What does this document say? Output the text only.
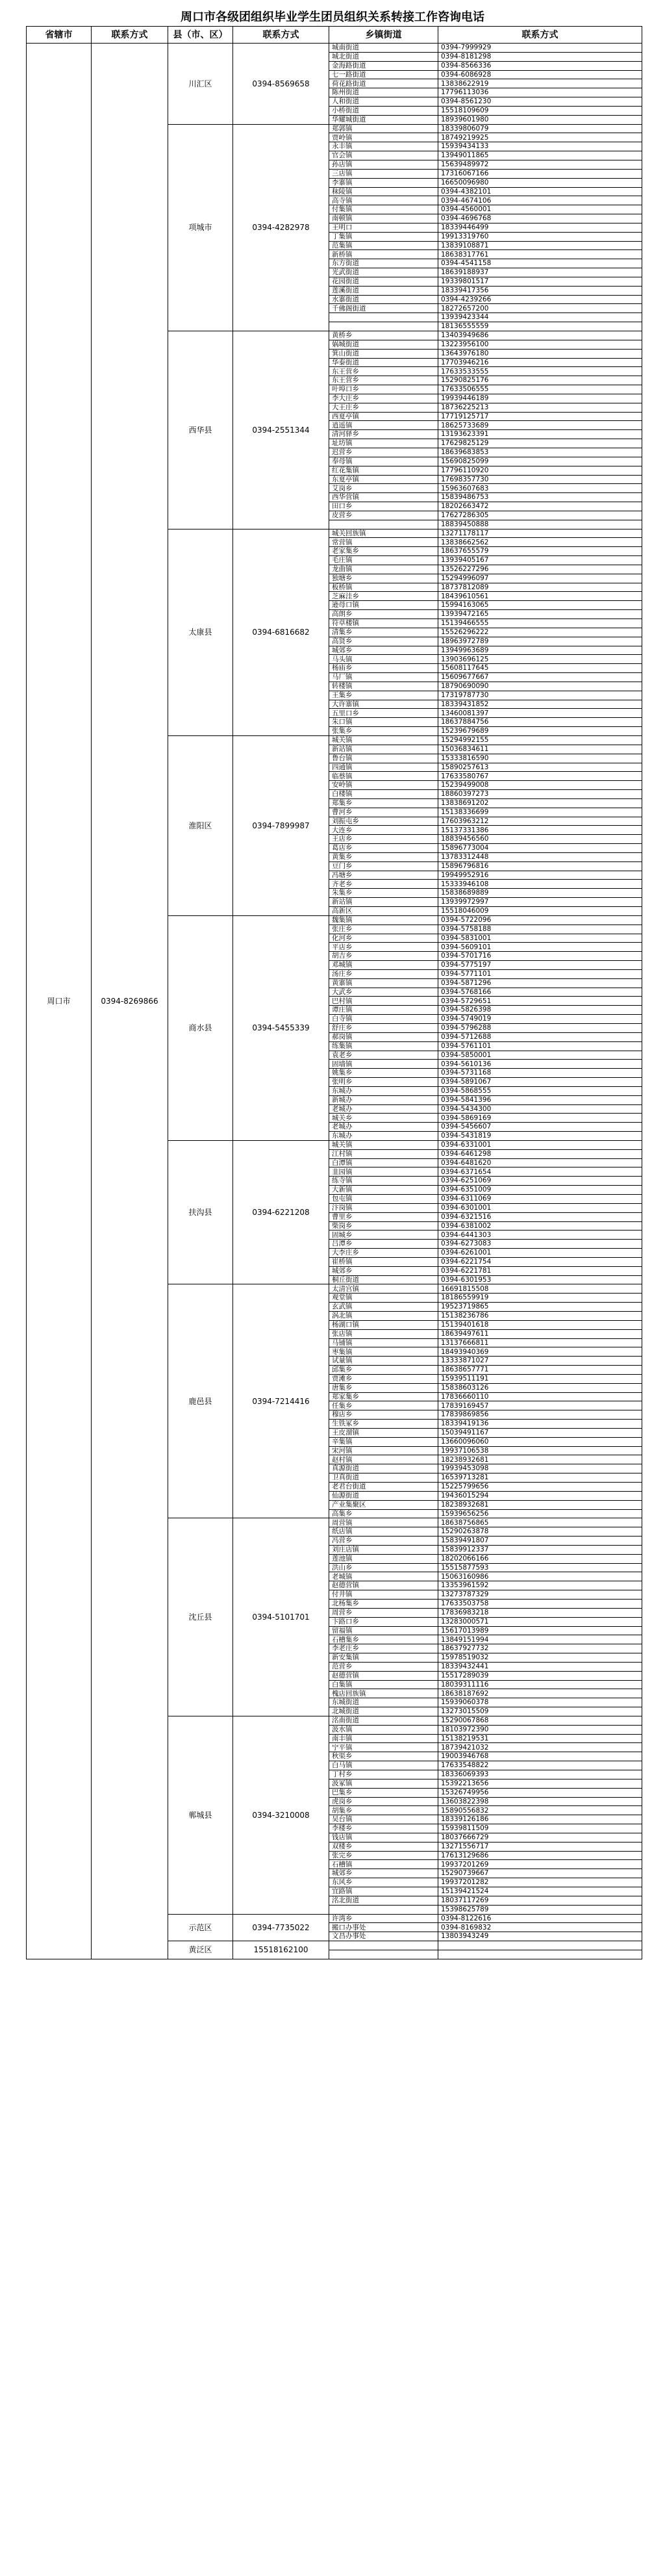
周口市各级团组织毕业学生团员组织关系转接工作咨询电话
省辖市	联系方式	县（市、区）	联系方式	乡镇街道	联系方式
周口市	0394-8269866	川汇区	0394-8569658	城南街道	0394-7999929
				城北街道	0394-8181298
				金海路街道	0394-8566336
				七一路街道	0394-6086928
				荷花路街道	13838622919
				陈州街道	17796113036
				人和街道	0394-8561230
				小桥街道	15518109609
				华耀城街道	18939601980
		项城市	0394-4282978	郑郭镇	18339806079
				贾岭镇	18749219925
				永丰镇	15939434133
				官会镇	13949011865
				孙店镇	15639489972
				三店镇	17316067166
				李寨镇	16650096980
				秣陵镇	0394-4382101
				高寺镇	0394-4674106
				付集镇	0394-4560001
				南顿镇	0394-4696768
				王明口	18339446499
				丁集镇	19913319760
				范集镇	13839108871
				新桥镇	18638317761
				东方街道	0394-4541158
				光武街道	18639188937
				花园街道	19339801517
				莲溪街道	18339417356
				水寨街道	0394-4239266
				千佛阁街道	18272657200
					13939423344
					18136555559
		西华县	0394-2551344	黄桥乡	13403949686
				娲城街道	13223956100
				箕山街道	13643976180
				华泰街道	17703946216
				东王营乡	17633533555
				东王营乡	15290825176
				叶埠口乡	17633506555
				李大庄乡	19939446189
				大王庄乡	18736225213
				西夏亭镇	17719125717
				逍遥镇	18625733689
				清河驿乡	13193623391
				址坊镇	17629825129
				迟营乡	18639683853
				奉母镇	15690825099
				红花集镇	17796110920
				东夏亭镇	17698357730
				艾岗乡	15963607683
				西华营镇	15839486753
				田口乡	18202663472
				皮营乡	17627286305
					18839450888
		太康县	0394-6816682	城关回族镇	13271178117
				常营镇	13838662562
				老家集乡	18637655579
				毛庄镇	13939405167
				龙曲镇	13526227296
				独塘乡	15294996097
				板桥镇	18737812089
				芝麻洼乡	18439610561
				逊母口镇	15994163065
				高朗乡	13939472165
				符草楼镇	15139466555
				清集乡	15526296222
				高贤乡	18963972789
				城郊乡	13949963689
				马头镇	13903696125
				杨庙乡	15608117645
				马厂镇	15609677667
				转楼镇	18790690090
				王集乡	17319787730
				大许寨镇	18339431852
				五里口乡	13460081397
				朱口镇	18637884756
				张集乡	15239679689
		淮阳区	0394-7899987	城关镇	15294992155
				新站镇	15036834611
				鲁台镇	15333816590
				四通镇	15890257613
				临蔡镇	17633580767
				安岭镇	15239499008
				白楼镇	18860397273
				郑集乡	13838691202
				曹河乡	15138336699
				刘振屯乡	17603963212
				大连乡	15137331386
				王店乡	18839456560
				葛店乡	15896773004
				黄集乡	13783312448
				豆门乡	15896796816
				冯塘乡	19949952916
				齐老乡	15333946108
				朱集乡	15838689889
				新站镇	13939972997
				高新区	15518046009
		商水县	0394-5455339	魏集镇	0394-5722096
				张庄乡	0394-5758188
				化河乡	0394-5831001
				平店乡	0394-5609101
				胡吉乡	0394-5701716
				邓城镇	0394-5775197
				汤庄乡	0394-5771101
				黄寨镇	0394-5871296
				大武乡	0394-5768166
				巴村镇	0394-5729651
				谭庄镇	0394-5826398
				白寺镇	0394-5749019
				舒庄乡	0394-5796288
				郝岗镇	0394-5712688
				练集镇	0394-5761101
				袁老乡	0394-5850001
				固墙镇	0394-5610136
				姚集乡	0394-5731168
				张明乡	0394-5891067
				东城办	0394-5868555
				新城办	0394-5841396
				老城办	0394-5434300
				城关乡	0394-5869169
				老城办	0394-5456607
				东城办	0394-5431819
		扶沟县	0394-6221208	城关镇	0394-6331001
				江村镇	0394-6461298
				白潭镇	0394-6481620
				韭园镇	0394-6371654
				练寺镇	0394-6251069
				大新镇	0394-6351009
				包屯镇	0394-6311069
				汴岗镇	0394-6301001
				曹里乡	0394-6321516
				柴岗乡	0394-6381002
				固城乡	0394-6441303
				吕潭乡	0394-6273083
				大李庄乡	0394-6261001
				崔桥镇	0394-6221754
				城郊乡	0394-6221781
				桐丘街道	0394-6301953
		鹿邑县	0394-7214416	太清宫镇	16691815508
				观堂镇	18186559919
				玄武镇	19523719865
				涡北镇	15138236786
				杨湖口镇	15139401618
				张店镇	18639497611
				马铺镇	13137666811
				枣集镇	18493940369
				试量镇	13333871027
				邱集乡	18638657771
				贾滩乡	15939511191
				唐集乡	15838603126
				郑家集乡	17836660110
				任集乡	17839169457
				穆店乡	17839869856
				生铁冢乡	18339419136
				王皮溜镇	15039491167
				辛集镇	13660096060
				宋河镇	19937106538
				赵村镇	18238932681
				真源街道	19939453098
				卫真街道	16539713281
				老君台街道	15225799656
				仙源街道	19436015294
				产业集聚区	18238932681
				高集乡	15939656256
		沈丘县	0394-5101701	周营镇	18638756865
				纸店镇	15290263878
				冯营乡	15839491807
				刘庄店镇	15839912337
				莲池镇	18202066166
				洪山乡	15515877593
				老城镇	15063160986
				赵德营镇	13353961592
				付井镇	13273787329
				北杨集乡	17633503758
				周营乡	17836983218
				卞路口乡	13283000571
				留福镇	15617013989
				石槽集乡	13849151994
				李老庄乡	18637927732
				新安集镇	15978519032
				范营乡	18339432441
				赵德营镇	15517289039
				白集镇	18039311116
				槐店回族镇	18638187692
				东城街道	15939060378
				北城街道	13273015509
		郸城县	0394-3210008	洺南街道	15290067868
				汲水镇	18103972390
				南丰镇	15138219531
				宁平镇	18739421032
				秋渠乡	19003946768
				白马镇	17633548822
				丁村乡	18336069393
				汲冢镇	15392213656
				巴集乡	15326749956
				虎岗乡	13603822398
				胡集乡	15890556832
				吴台镇	18339126186
				李楼乡	15939811509
				钱店镇	18037666729
				双楼乡	13271556717
				张完乡	17613129686
				石槽镇	19937201269
				城郊乡	15290739667
				东风乡	19937201282
				宜路镇	15139421524
				洺北街道	18037117269
					15398625789
		示范区	0394-7735022	许湾乡	0394-8122616
				搬口办事处	0394-8169832
				文昌办事处	13803943249
		黄泛区	15518162100		
